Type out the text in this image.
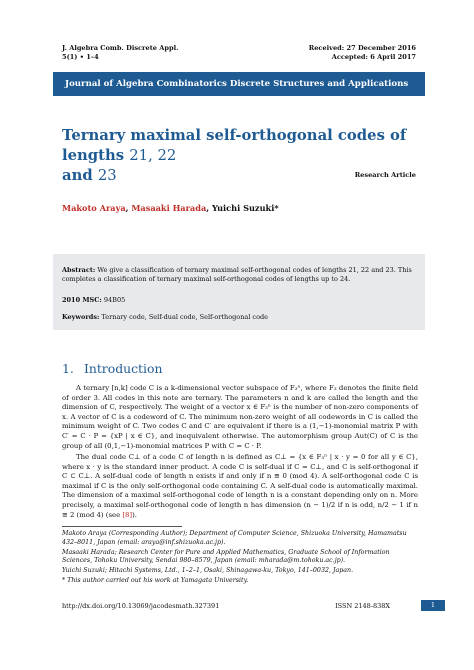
J. Algebra Comb. Discrete Appl.
5(1) • 1–4
Received: 27 December 2016
Accepted: 6 April 2017
Journal of Algebra Combinatorics Discrete Structures and Applications
Ternary maximal self-orthogonal codes of lengths 21, 22
and 23	Research Article
Makoto Araya, Masaaki Harada, Yuichi Suzuki*
Abstract: We give a classification of ternary maximal self-orthogonal codes of lengths 21, 22 and 23. This completes a classification of ternary maximal self-orthogonal codes of lengths up to 24.
2010 MSC: 94B05
Keywords: Ternary code, Self-dual code, Self-orthogonal code
1. Introduction

A ternary [n,k] code C is a k-dimensional vector subspace of F₃ⁿ, where F₃ denotes the finite field of order 3. All codes in this note are ternary. The parameters n and k are called the length and the dimension of C, respectively. The weight of a vector x ∈ F₃ⁿ is the number of non-zero components of x. A vector of C is a codeword of C. The minimum non-zero weight of all codewords in C is called the minimum weight of C. Two codes C and C′ are equivalent if there is a (1,−1)-monomial matrix P with C′ = C · P = {xP | x ∈ C}, and inequivalent otherwise. The automorphism group Aut(C) of C is the group of all (0,1,−1)-monomial matrices P with C = C · P.

The dual code C⊥ of a code C of length n is defined as C⊥ = {x ∈ F₃ⁿ | x · y = 0 for all y ∈ C}, where x · y is the standard inner product. A code C is self-dual if C = C⊥, and C is self-orthogonal if C ⊂ C⊥. A self-dual code of length n exists if and only if n ≡ 0 (mod 4). A self-orthogonal code C is maximal if C is the only self-orthogonal code containing C. A self-dual code is automatically maximal. The dimension of a maximal self-orthogonal code of length n is a constant depending only on n. More precisely, a maximal self-orthogonal code of length n has dimension (n − 1)/2 if n is odd, n/2 − 1 if n ≡ 2 (mod 4) (see [8]).

Makoto Araya (Corresponding Author); Department of Computer Science, Shizuoka University, Hamamatsu 432–8011, Japan (email: araya@inf.shizuoka.ac.jp).

Masaaki Harada; Research Center for Pure and Applied Mathematics, Graduate School of Information Sciences, Tohoku University, Sendai 980–8579, Japan (email: mharada@m.tohoku.ac.jp).

Yuichi Suzuki; Hitachi Systems, Ltd., 1–2–1, Osaki, Shinagawa-ku, Tokyo, 141–0032, Japan.

* This author carried out his work at Yamagata University.

http://dx.doi.org/10.13069/jacodesmath.327391	ISSN 2148-838X	1
